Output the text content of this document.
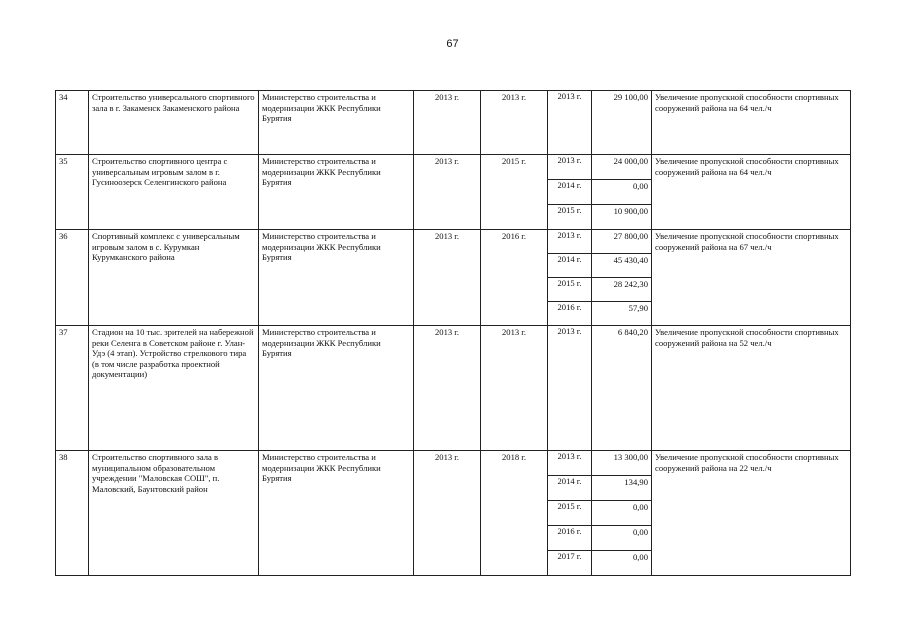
67
34	Строительство универсального спортивного зала в г. Закаменск Закаменского района	Министерство строительства и модернизации ЖКК Республики Бурятия	2013 г.	2013 г.	2013 г.	29 100,00	Увеличение пропускной способности спортивных сооружений района на 64 чел./ч
35	Строительство спортивного центра с универсальным игровым залом в г. Гусиноозерск Селенгинского района	Министерство строительства и модернизации ЖКК Республики Бурятия	2013 г.	2015 г.	2013 г.	24 000,00	Увеличение пропускной способности спортивных сооружений района на 64 чел./ч
					2014 г.	0,00	
					2015 г.	10 900,00	
36	Спортивный комплекс с универсальным игровым залом в с. Курумкан Курумканского района	Министерство строительства и модернизации ЖКК Республики Бурятия	2013 г.	2016 г.	2013 г.	27 800,00	Увеличение пропускной способности спортивных сооружений района на 67 чел./ч
					2014 г.	45 430,40	
					2015 г.	28 242,30	
					2016 г.	57,90	
37	Стадион на 10 тыс. зрителей на набережной реки Селенга в Советском районе г. Улан-Удэ (4 этап). Устройство стрелкового тира (в том числе разработка проектной документации)	Министерство строительства и модернизации ЖКК Республики Бурятия	2013 г.	2013 г.	2013 г.	6 840,20	Увеличение пропускной способности спортивных сооружений района на 52 чел./ч
38	Строительство спортивного зала в муниципальном образовательном учреждении "Маловская СОШ", п. Маловский, Баунтовский район	Министерство строительства и модернизации ЖКК Республики Бурятия	2013 г.	2018 г.	2013 г.	13 300,00	Увеличение пропускной способности спортивных сооружений района на 22 чел./ч
					2014 г.	134,90	
					2015 г.	0,00	
					2016 г.	0,00	
					2017 г.	0,00	
